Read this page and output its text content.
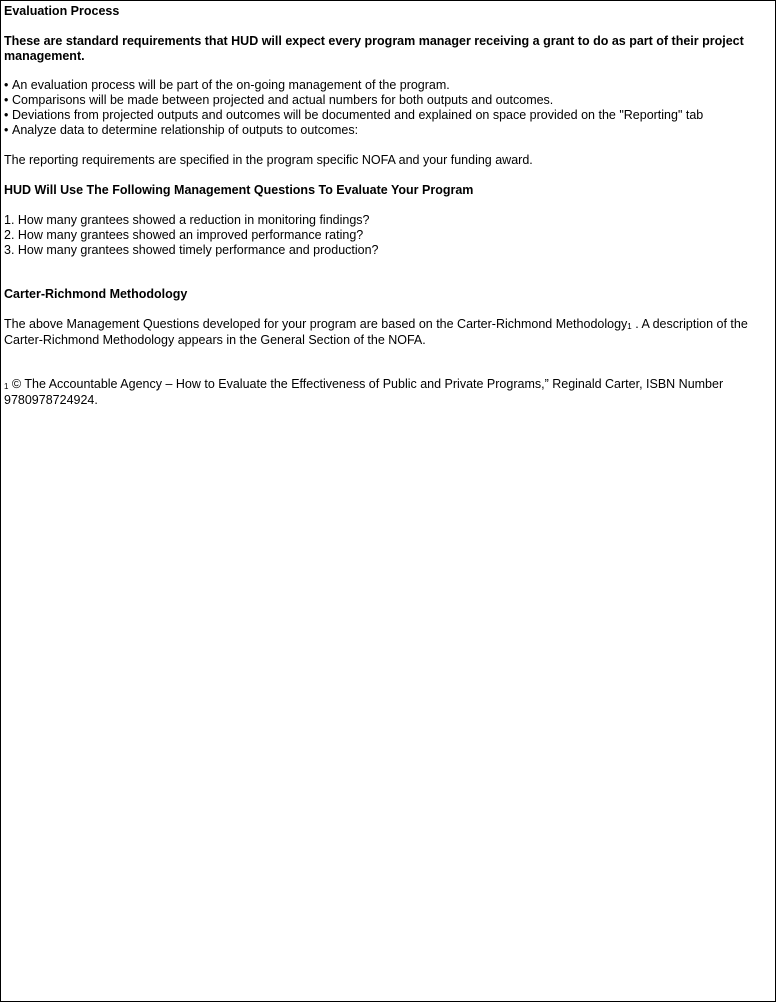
Evaluation Process

These are standard requirements that HUD will expect every program manager receiving a grant to do as part of their project management.

• An evaluation process will be part of the on-going management of the program.
• Comparisons will be made between projected and actual numbers for both outputs and outcomes.
• Deviations from projected outputs and outcomes will be documented and explained on space provided on the "Reporting" tab
• Analyze data to determine relationship of outputs to outcomes:

The reporting requirements are specified in the program specific NOFA and your funding award.

HUD Will Use The Following Management Questions To Evaluate Your Program

1. How many grantees showed a reduction in monitoring findings?
2. How many grantees showed an improved performance rating?
3. How many grantees showed timely performance and production?

Carter-Richmond Methodology

The above Management Questions developed for your program are based on the Carter-Richmond Methodology$^1$ . A description of the Carter-Richmond Methodology appears in the General Section of the NOFA.

$^1$ © The Accountable Agency – How to Evaluate the Effectiveness of Public and Private Programs,” Reginald Carter, ISBN Number 9780978724924.
